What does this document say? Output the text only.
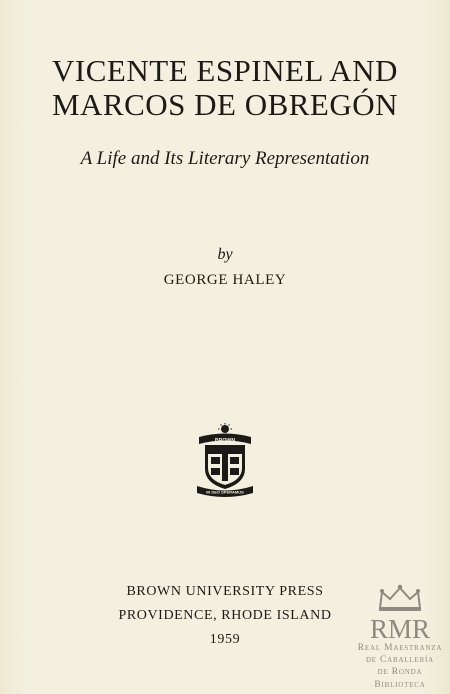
VICENTE ESPINEL AND
MARCOS DE OBREGÓN
A Life and Its Literary Representation
by
GEORGE HALEY
BROWN
IN DEO SPERAMUS
BROWN UNIVERSITY PRESS
PROVIDENCE, RHODE ISLAND
1959	RMR
Real Maestranza
de Caballería
de Ronda
Biblioteca
